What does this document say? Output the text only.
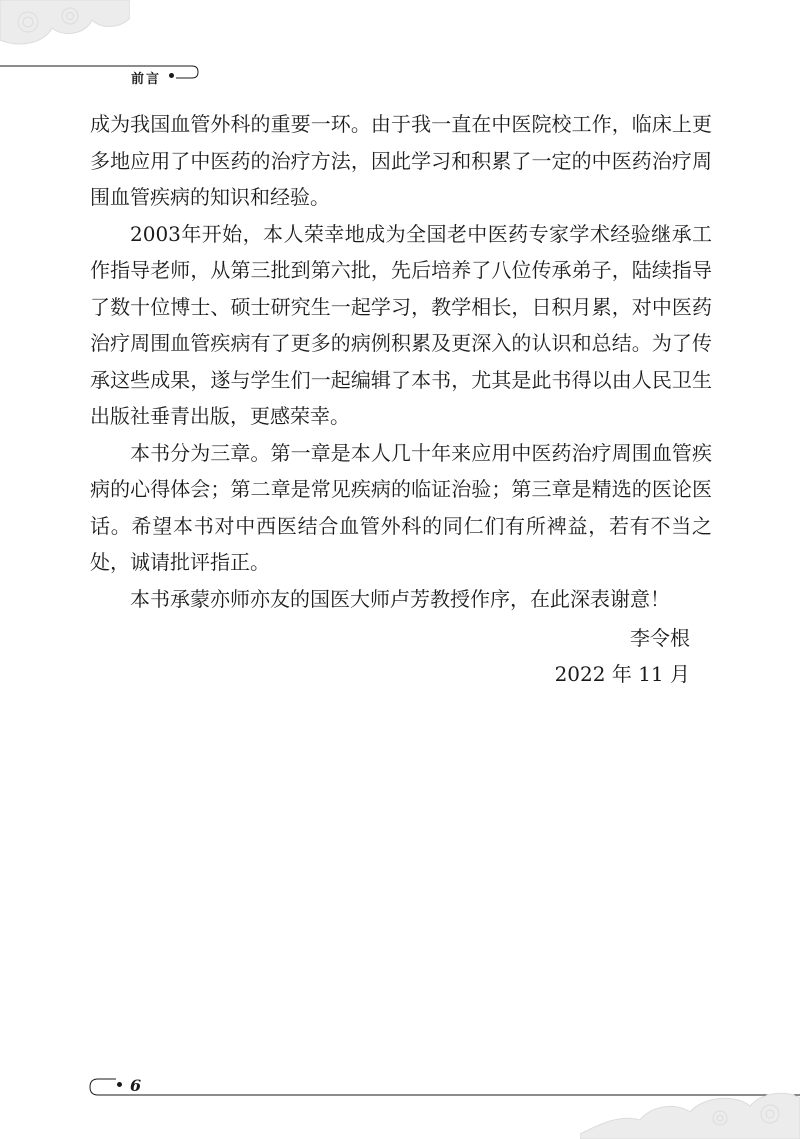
前言

成为我国血管外科的重要一环。由于我一直在中医院校工作，临床上更多地应用了中医药的治疗方法，因此学习和积累了一定的中医药治疗周围血管疾病的知识和经验。

2003年开始，本人荣幸地成为全国老中医药专家学术经验继承工作指导老师，从第三批到第六批，先后培养了八位传承弟子，陆续指导了数十位博士、硕士研究生一起学习，教学相长，日积月累，对中医药治疗周围血管疾病有了更多的病例积累及更深入的认识和总结。为了传承这些成果，遂与学生们一起编辑了本书，尤其是此书得以由人民卫生出版社垂青出版，更感荣幸。

本书分为三章。第一章是本人几十年来应用中医药治疗周围血管疾病的心得体会；第二章是常见疾病的临证治验；第三章是精选的医论医话。希望本书对中西医结合血管外科的同仁们有所裨益，若有不当之处，诚请批评指正。

本书承蒙亦师亦友的国医大师卢芳教授作序，在此深表谢意！

李令根
2022 年 11 月
6
